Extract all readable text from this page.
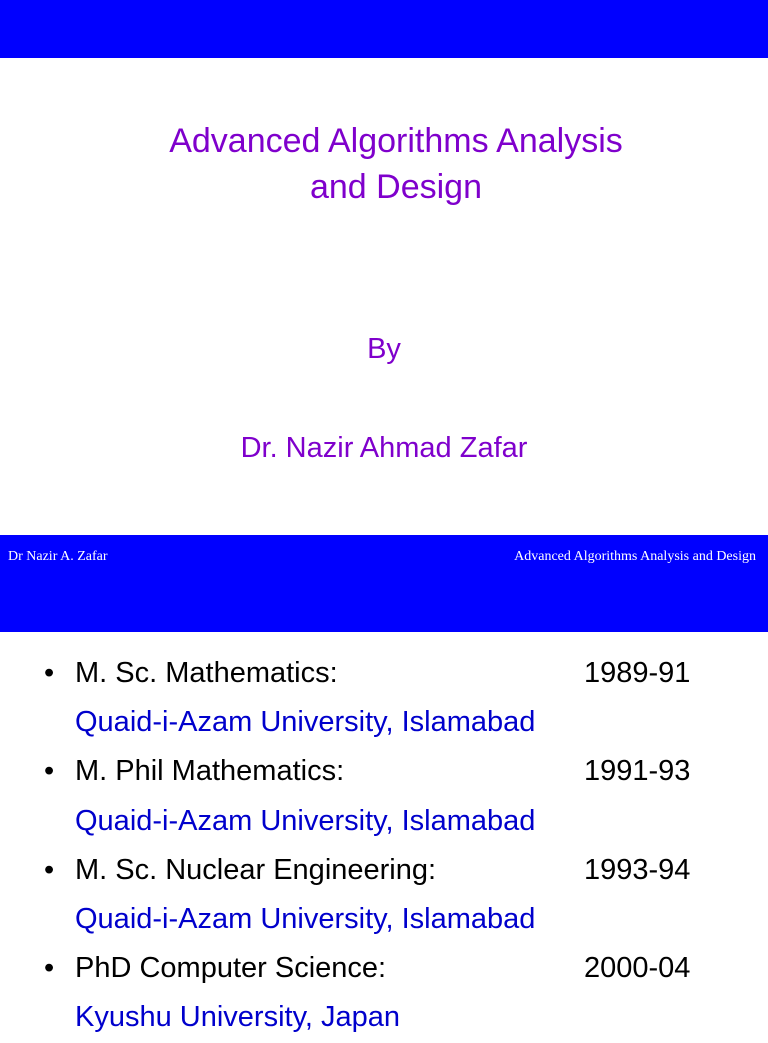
Advanced Algorithms Analysis
and Design
By
Dr. Nazir Ahmad Zafar
Dr Nazir A. Zafar	Advanced Algorithms Analysis and Design
• M. Sc. Mathematics:	1989-91
Quaid-i-Azam University, Islamabad
• M. Phil Mathematics:	1991-93
Quaid-i-Azam University, Islamabad
• M. Sc. Nuclear Engineering:	1993-94
Quaid-i-Azam University, Islamabad
• PhD Computer Science:	2000-04
Kyushu University, Japan
